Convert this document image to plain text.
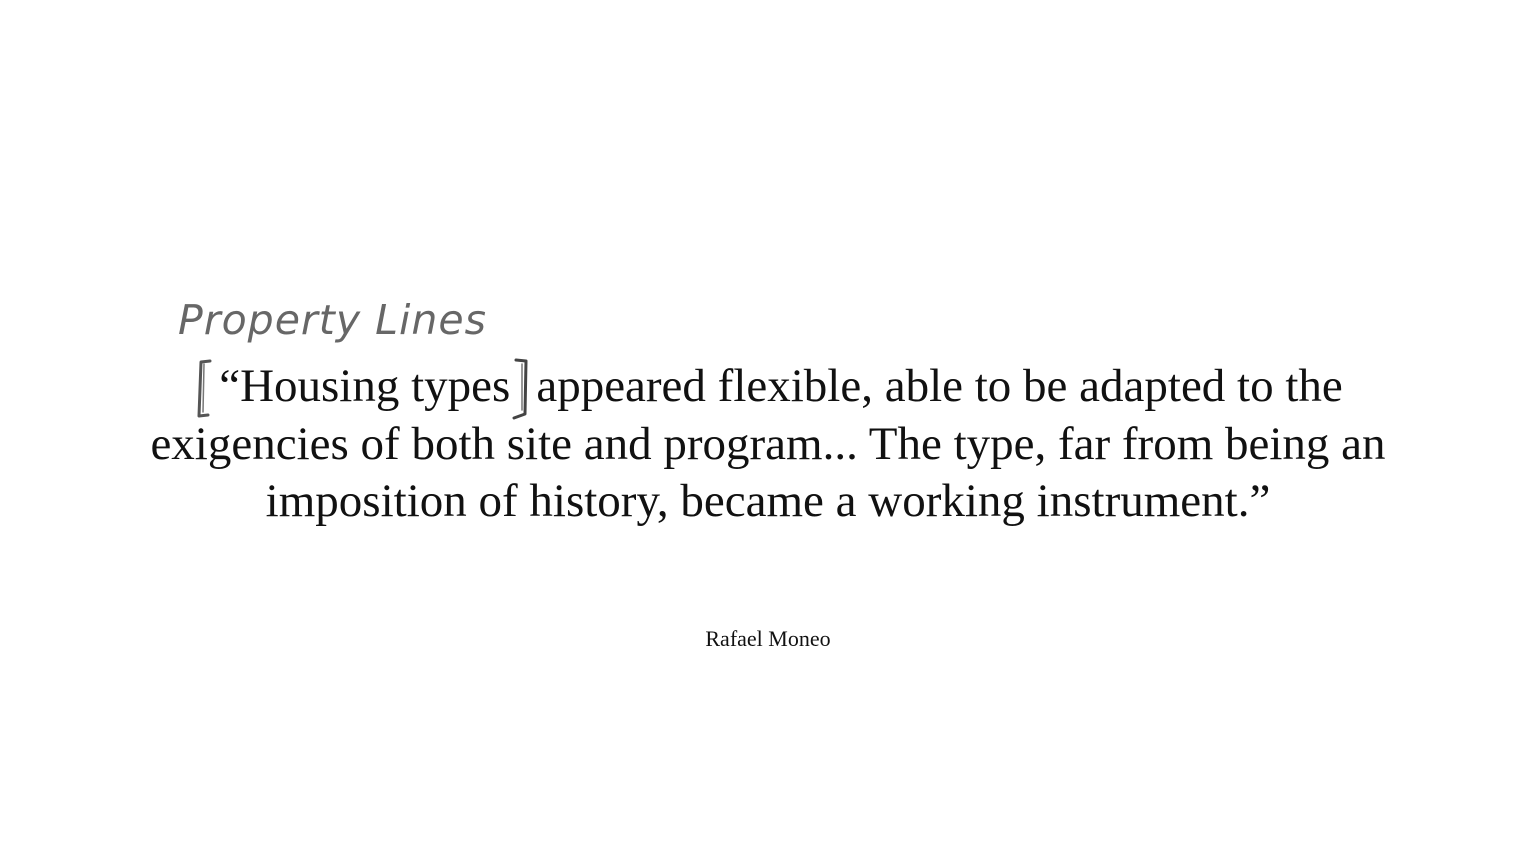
Property Lines
“Housing types appeared flexible, able to be adapted to the
exigencies of both site and program... The type, far from being an
imposition of history, became a working instrument.”
Rafael Moneo
